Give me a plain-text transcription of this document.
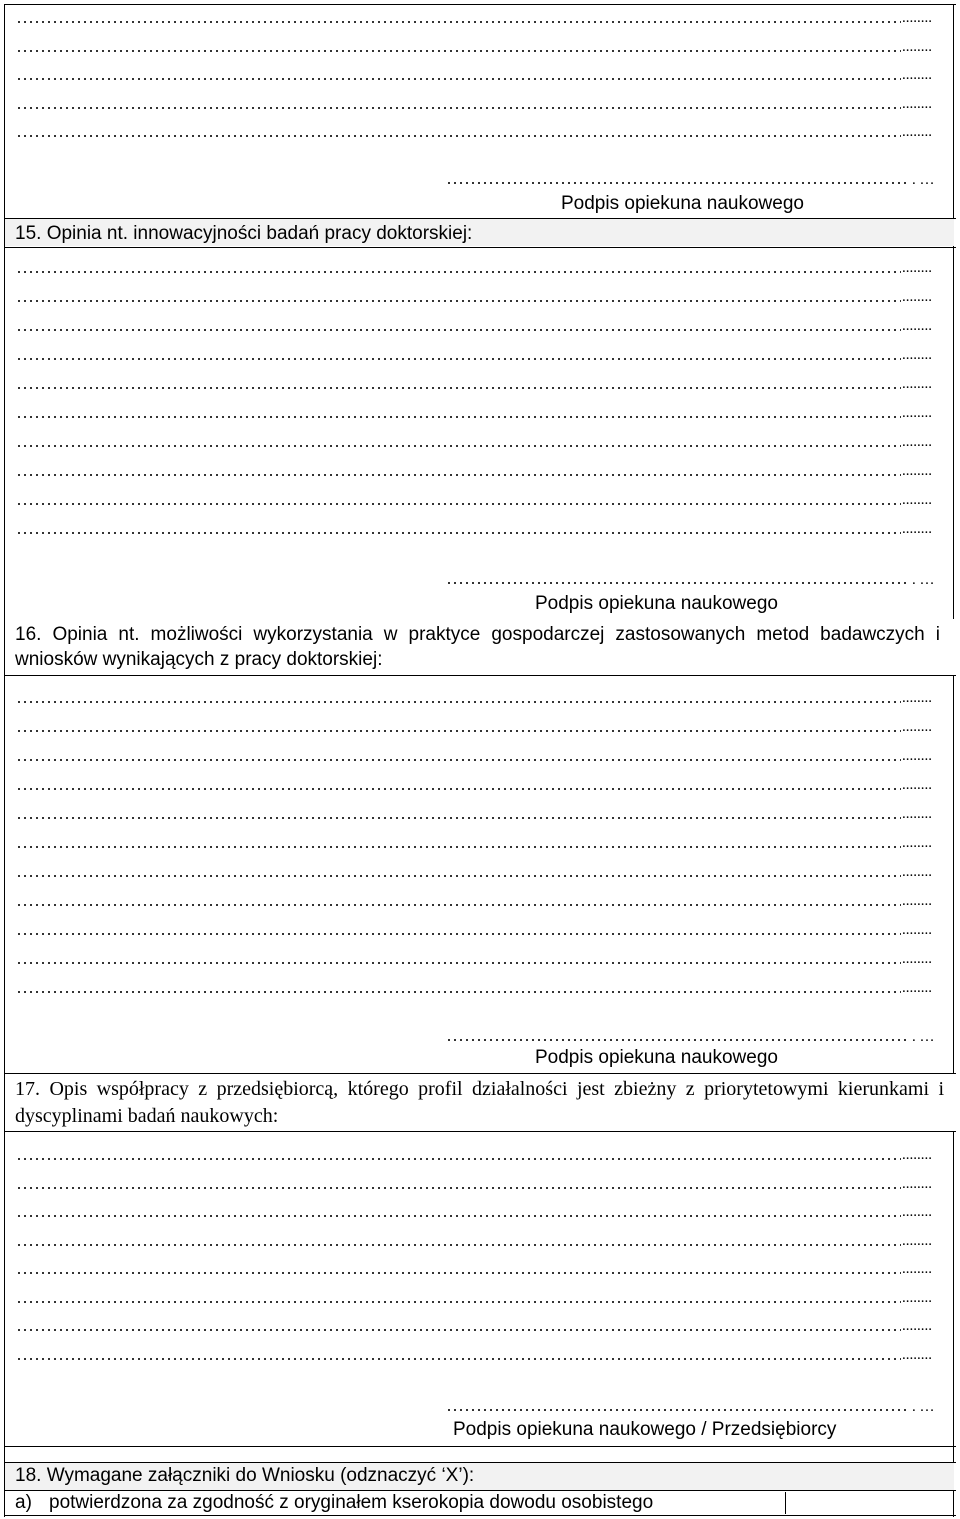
........
........
........
........
........
. …
Podpis opiekuna naukowego
15. Opinia nt. innowacyjności badań pracy doktorskiej:
........
........
........
........
........
........
........
........
........
........
. …
Podpis opiekuna naukowego
16. Opinia nt. możliwości wykorzystania w praktyce gospodarczej zastosowanych metod badawczych i wniosków wynikających z pracy doktorskiej:
........
........
........
........
........
........
........
........
........
........
........
. …
Podpis opiekuna naukowego
17. Opis współpracy z przedsiębiorcą, którego profil działalności jest zbieżny z priorytetowymi kierunkami i dyscyplinami badań naukowych:
........
........
........
........
........
........
........
........
. …
Podpis opiekuna naukowego / Przedsiębiorcy
18. Wymagane załączniki do Wniosku (odznaczyć ‘X’):
a) potwierdzona za zgodność z oryginałem kserokopia dowodu osobistego
